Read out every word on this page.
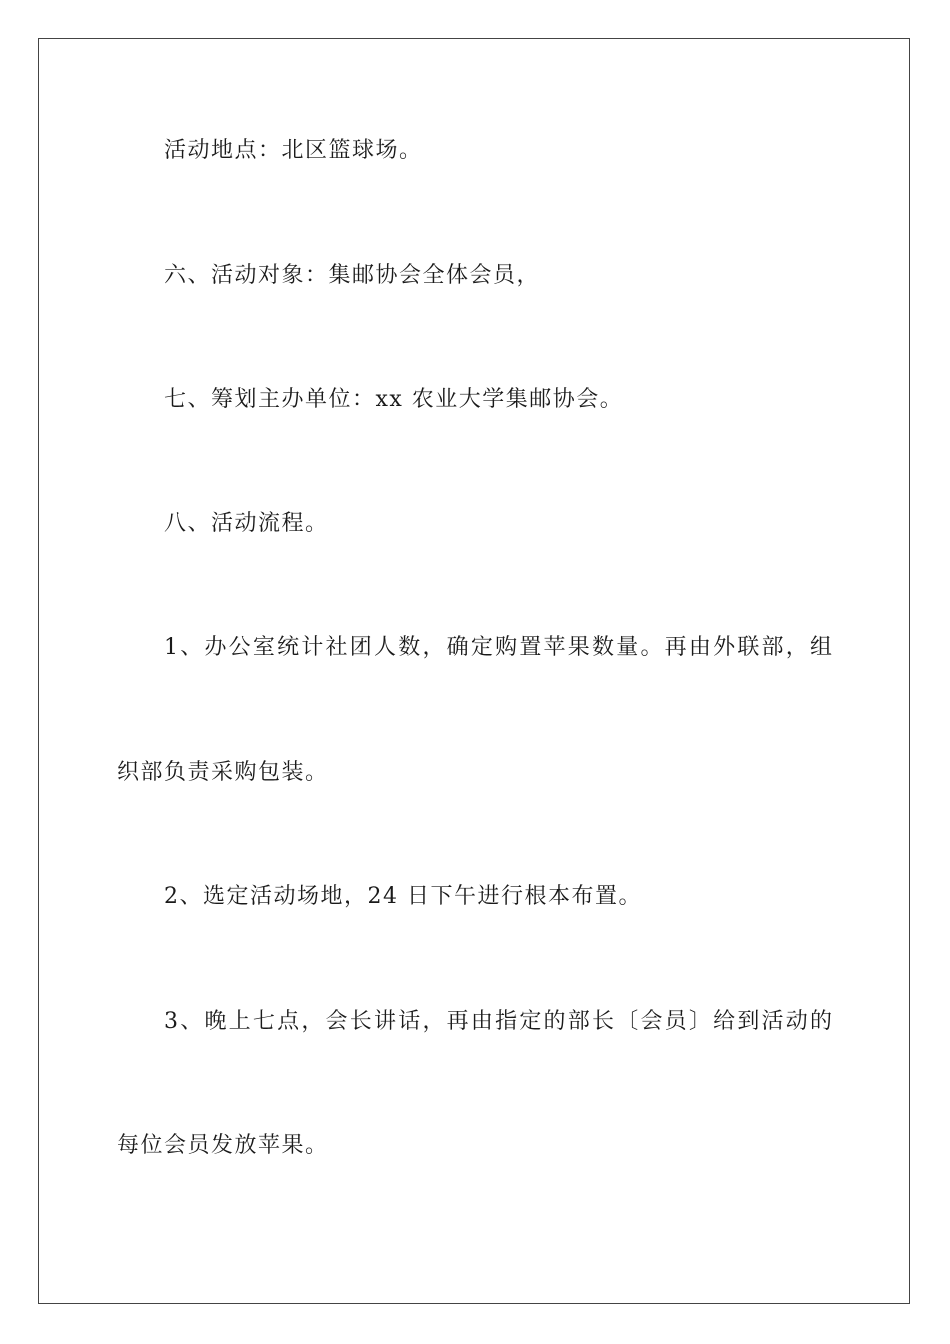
活动地点：北区篮球场。
六、活动对象：集邮协会全体会员，
七、筹划主办单位：xx 农业大学集邮协会。
八、活动流程。
1、办公室统计社团人数，确定购置苹果数量。再由外联部，组
织部负责采购包装。
2、选定活动场地，24 日下午进行根本布置。
3、晚上七点，会长讲话，再由指定的部长〔会员〕给到活动的
每位会员发放苹果。
